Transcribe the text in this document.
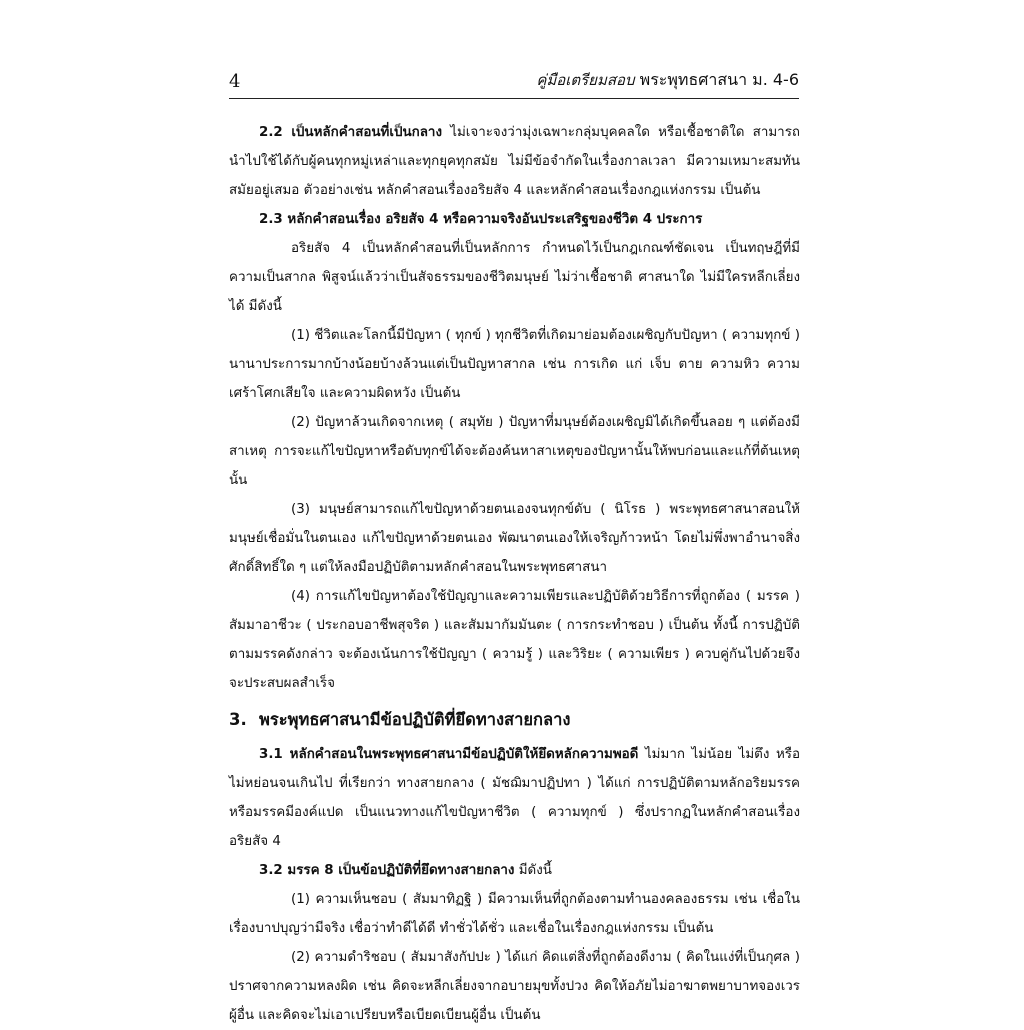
4	คู่มือเตรียมสอบ พระพุทธศาสนา ม. 4-6

2.2 เป็นหลักคำสอนที่เป็นกลาง ไม่เจาะจงว่ามุ่งเฉพาะกลุ่มบุคคลใด หรือเชื้อชาติใด สามารถนำไปใช้ได้กับผู้คนทุกหมู่เหล่าและทุกยุคทุกสมัย ไม่มีข้อจำกัดในเรื่องกาลเวลา มีความเหมาะสมทันสมัยอยู่เสมอ ตัวอย่างเช่น หลักคำสอนเรื่องอริยสัจ 4 และหลักคำสอนเรื่องกฎแห่งกรรม เป็นต้น

2.3 หลักคำสอนเรื่อง อริยสัจ 4 หรือความจริงอันประเสริฐของชีวิต 4 ประการ

อริยสัจ 4 เป็นหลักคำสอนที่เป็นหลักการ กำหนดไว้เป็นกฎเกณฑ์ชัดเจน เป็นทฤษฎีที่มีความเป็นสากล พิสูจน์แล้วว่าเป็นสัจธรรมของชีวิตมนุษย์ ไม่ว่าเชื้อชาติ ศาสนาใด ไม่มีใครหลีกเลี่ยงได้ มีดังนี้

(1) ชีวิตและโลกนี้มีปัญหา ( ทุกข์ ) ทุกชีวิตที่เกิดมาย่อมต้องเผชิญกับปัญหา ( ความทุกข์ ) นานาประการมากบ้างน้อยบ้างล้วนแต่เป็นปัญหาสากล เช่น การเกิด แก่ เจ็บ ตาย ความหิว ความเศร้าโศกเสียใจ และความผิดหวัง เป็นต้น

(2) ปัญหาล้วนเกิดจากเหตุ ( สมุทัย ) ปัญหาที่มนุษย์ต้องเผชิญมิได้เกิดขึ้นลอย ๆ แต่ต้องมีสาเหตุ การจะแก้ไขปัญหาหรือดับทุกข์ได้จะต้องค้นหาสาเหตุของปัญหานั้นให้พบก่อนและแก้ที่ต้นเหตุนั้น

(3) มนุษย์สามารถแก้ไขปัญหาด้วยตนเองจนทุกข์ดับ ( นิโรธ ) พระพุทธศาสนาสอนให้มนุษย์เชื่อมั่นในตนเอง แก้ไขปัญหาด้วยตนเอง พัฒนาตนเองให้เจริญก้าวหน้า โดยไม่พึ่งพาอำนาจสิ่งศักดิ์สิทธิ์ใด ๆ แต่ให้ลงมือปฏิบัติตามหลักคำสอนในพระพุทธศาสนา

(4) การแก้ไขปัญหาต้องใช้ปัญญาและความเพียรและปฏิบัติด้วยวิธีการที่ถูกต้อง ( มรรค ) สัมมาอาชีวะ ( ประกอบอาชีพสุจริต ) และสัมมากัมมันตะ ( การกระทำชอบ ) เป็นต้น ทั้งนี้ การปฏิบัติตามมรรคดังกล่าว จะต้องเน้นการใช้ปัญญา ( ความรู้ ) และวิริยะ ( ความเพียร ) ควบคู่กันไปด้วยจึงจะประสบผลสำเร็จ

3. พระพุทธศาสนามีข้อปฏิบัติที่ยึดทางสายกลาง

3.1 หลักคำสอนในพระพุทธศาสนามีข้อปฏิบัติให้ยึดหลักความพอดี ไม่มาก ไม่น้อย ไม่ตึง หรือไม่หย่อนจนเกินไป ที่เรียกว่า ทางสายกลาง ( มัชฌิมาปฏิปทา ) ได้แก่ การปฏิบัติตามหลักอริยมรรค หรือมรรคมีองค์แปด เป็นแนวทางแก้ไขปัญหาชีวิต ( ความทุกข์ ) ซึ่งปรากฏในหลักคำสอนเรื่องอริยสัจ 4

3.2 มรรค 8 เป็นข้อปฏิบัติที่ยึดทางสายกลาง มีดังนี้

(1) ความเห็นชอบ ( สัมมาทิฏฐิ ) มีความเห็นที่ถูกต้องตามทำนองคลองธรรม เช่น เชื่อในเรื่องบาปบุญว่ามีจริง เชื่อว่าทำดีได้ดี ทำชั่วได้ชั่ว และเชื่อในเรื่องกฎแห่งกรรม เป็นต้น

(2) ความดำริชอบ ( สัมมาสังกัปปะ ) ได้แก่ คิดแต่สิ่งที่ถูกต้องดีงาม ( คิดในแง่ที่เป็นกุศล ) ปราศจากความหลงผิด เช่น คิดจะหลีกเลี่ยงจากอบายมุขทั้งปวง คิดให้อภัยไม่อาฆาตพยาบาทจองเวรผู้อื่น และคิดจะไม่เอาเปรียบหรือเบียดเบียนผู้อื่น เป็นต้น
